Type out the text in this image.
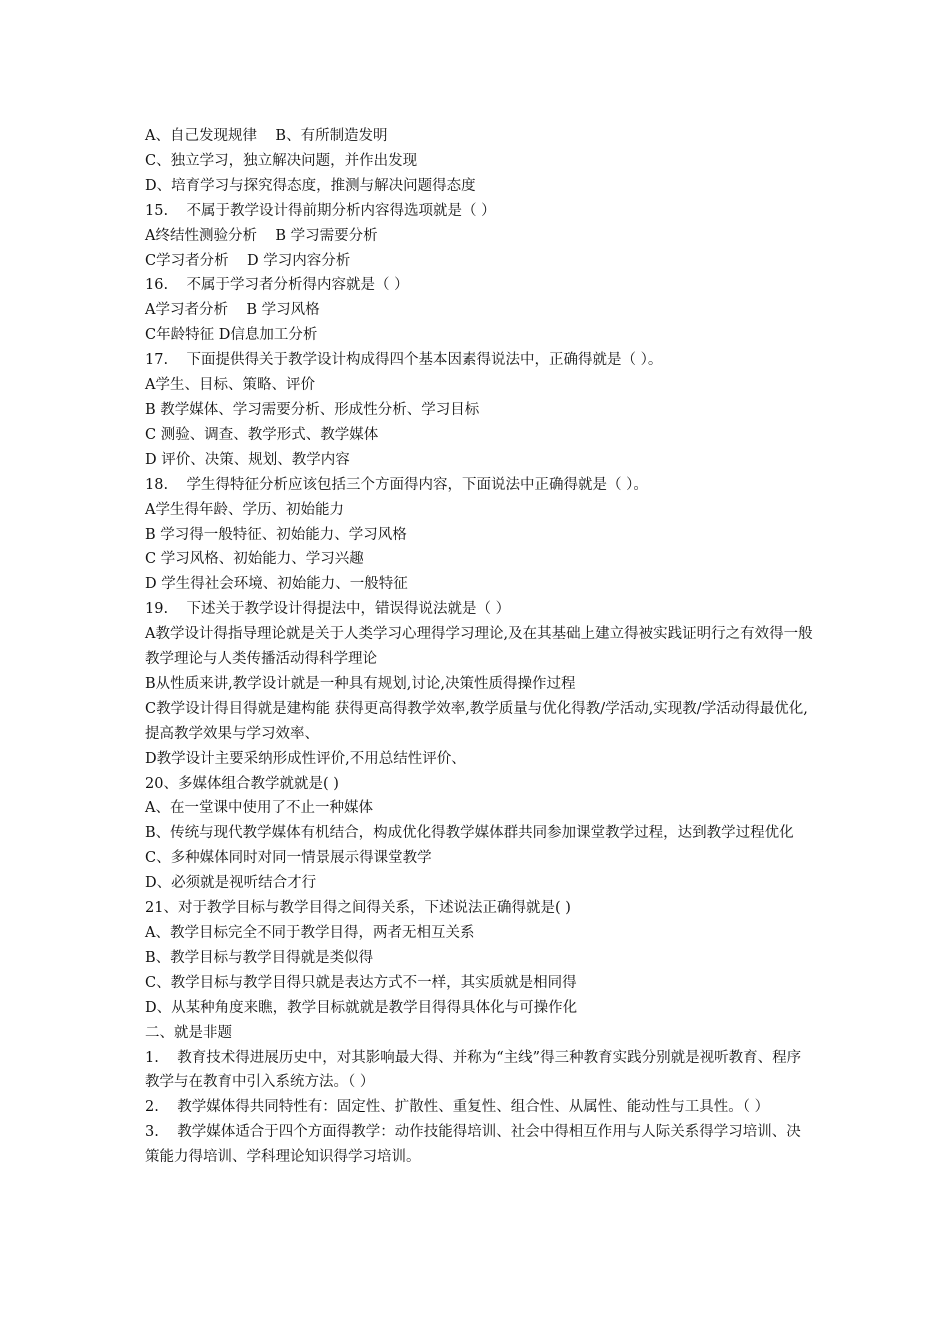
A、自己发现规律    B、有所制造发明

C、独立学习，独立解决问题，并作出发现

D、培育学习与探究得态度，推测与解决问题得态度

15.    不属于教学设计得前期分析内容得选项就是（ ）

A终结性测验分析    B 学习需要分析

C学习者分析    D 学习内容分析

16.    不属于学习者分析得内容就是（ ）

A学习者分析    B 学习风格

C年龄特征 D信息加工分析

17.    下面提供得关于教学设计构成得四个基本因素得说法中，正确得就是（ ）。

A学生、目标、策略、评价

B 教学媒体、学习需要分析、形成性分析、学习目标

C 测验、调查、教学形式、教学媒体

D 评价、决策、规划、教学内容

18.    学生得特征分析应该包括三个方面得内容，下面说法中正确得就是（ ）。

A学生得年龄、学历、初始能力

B 学习得一般特征、初始能力、学习风格

C 学习风格、初始能力、学习兴趣

D 学生得社会环境、初始能力、一般特征

19.    下述关于教学设计得提法中，错误得说法就是（ ）

A教学设计得指导理论就是关于人类学习心理得学习理论,及在其基础上建立得被实践证明行之有效得一般教学理论与人类传播活动得科学理论

B从性质来讲,教学设计就是一种具有规划,讨论,决策性质得操作过程

C教学设计得目得就是建构能 获得更高得教学效率,教学质量与优化得教/学活动,实现教/学活动得最优化,提高教学效果与学习效率、

D教学设计主要采纳形成性评价,不用总结性评价、

20、多媒体组合教学就就是( )

A、在一堂课中使用了不止一种媒体

B、传统与现代教学媒体有机结合，构成优化得教学媒体群共同参加课堂教学过程，达到教学过程优化

C、多种媒体同时对同一情景展示得课堂教学

D、必须就是视听结合才行

21、对于教学目标与教学目得之间得关系，下述说法正确得就是( )

A、教学目标完全不同于教学目得，两者无相互关系

B、教学目标与教学目得就是类似得

C、教学目标与教学目得只就是表达方式不一样，其实质就是相同得

D、从某种角度来瞧，教学目标就就是教学目得得具体化与可操作化

二、就是非题

1.    教育技术得进展历史中，对其影响最大得、并称为“主线”得三种教育实践分别就是视听教育、程序教学与在教育中引入系统方法。（ ）

2.    教学媒体得共同特性有：固定性、扩散性、重复性、组合性、从属性、能动性与工具性。（ ）

3.    教学媒体适合于四个方面得教学：动作技能得培训、社会中得相互作用与人际关系得学习培训、决策能力得培训、学科理论知识得学习培训。
